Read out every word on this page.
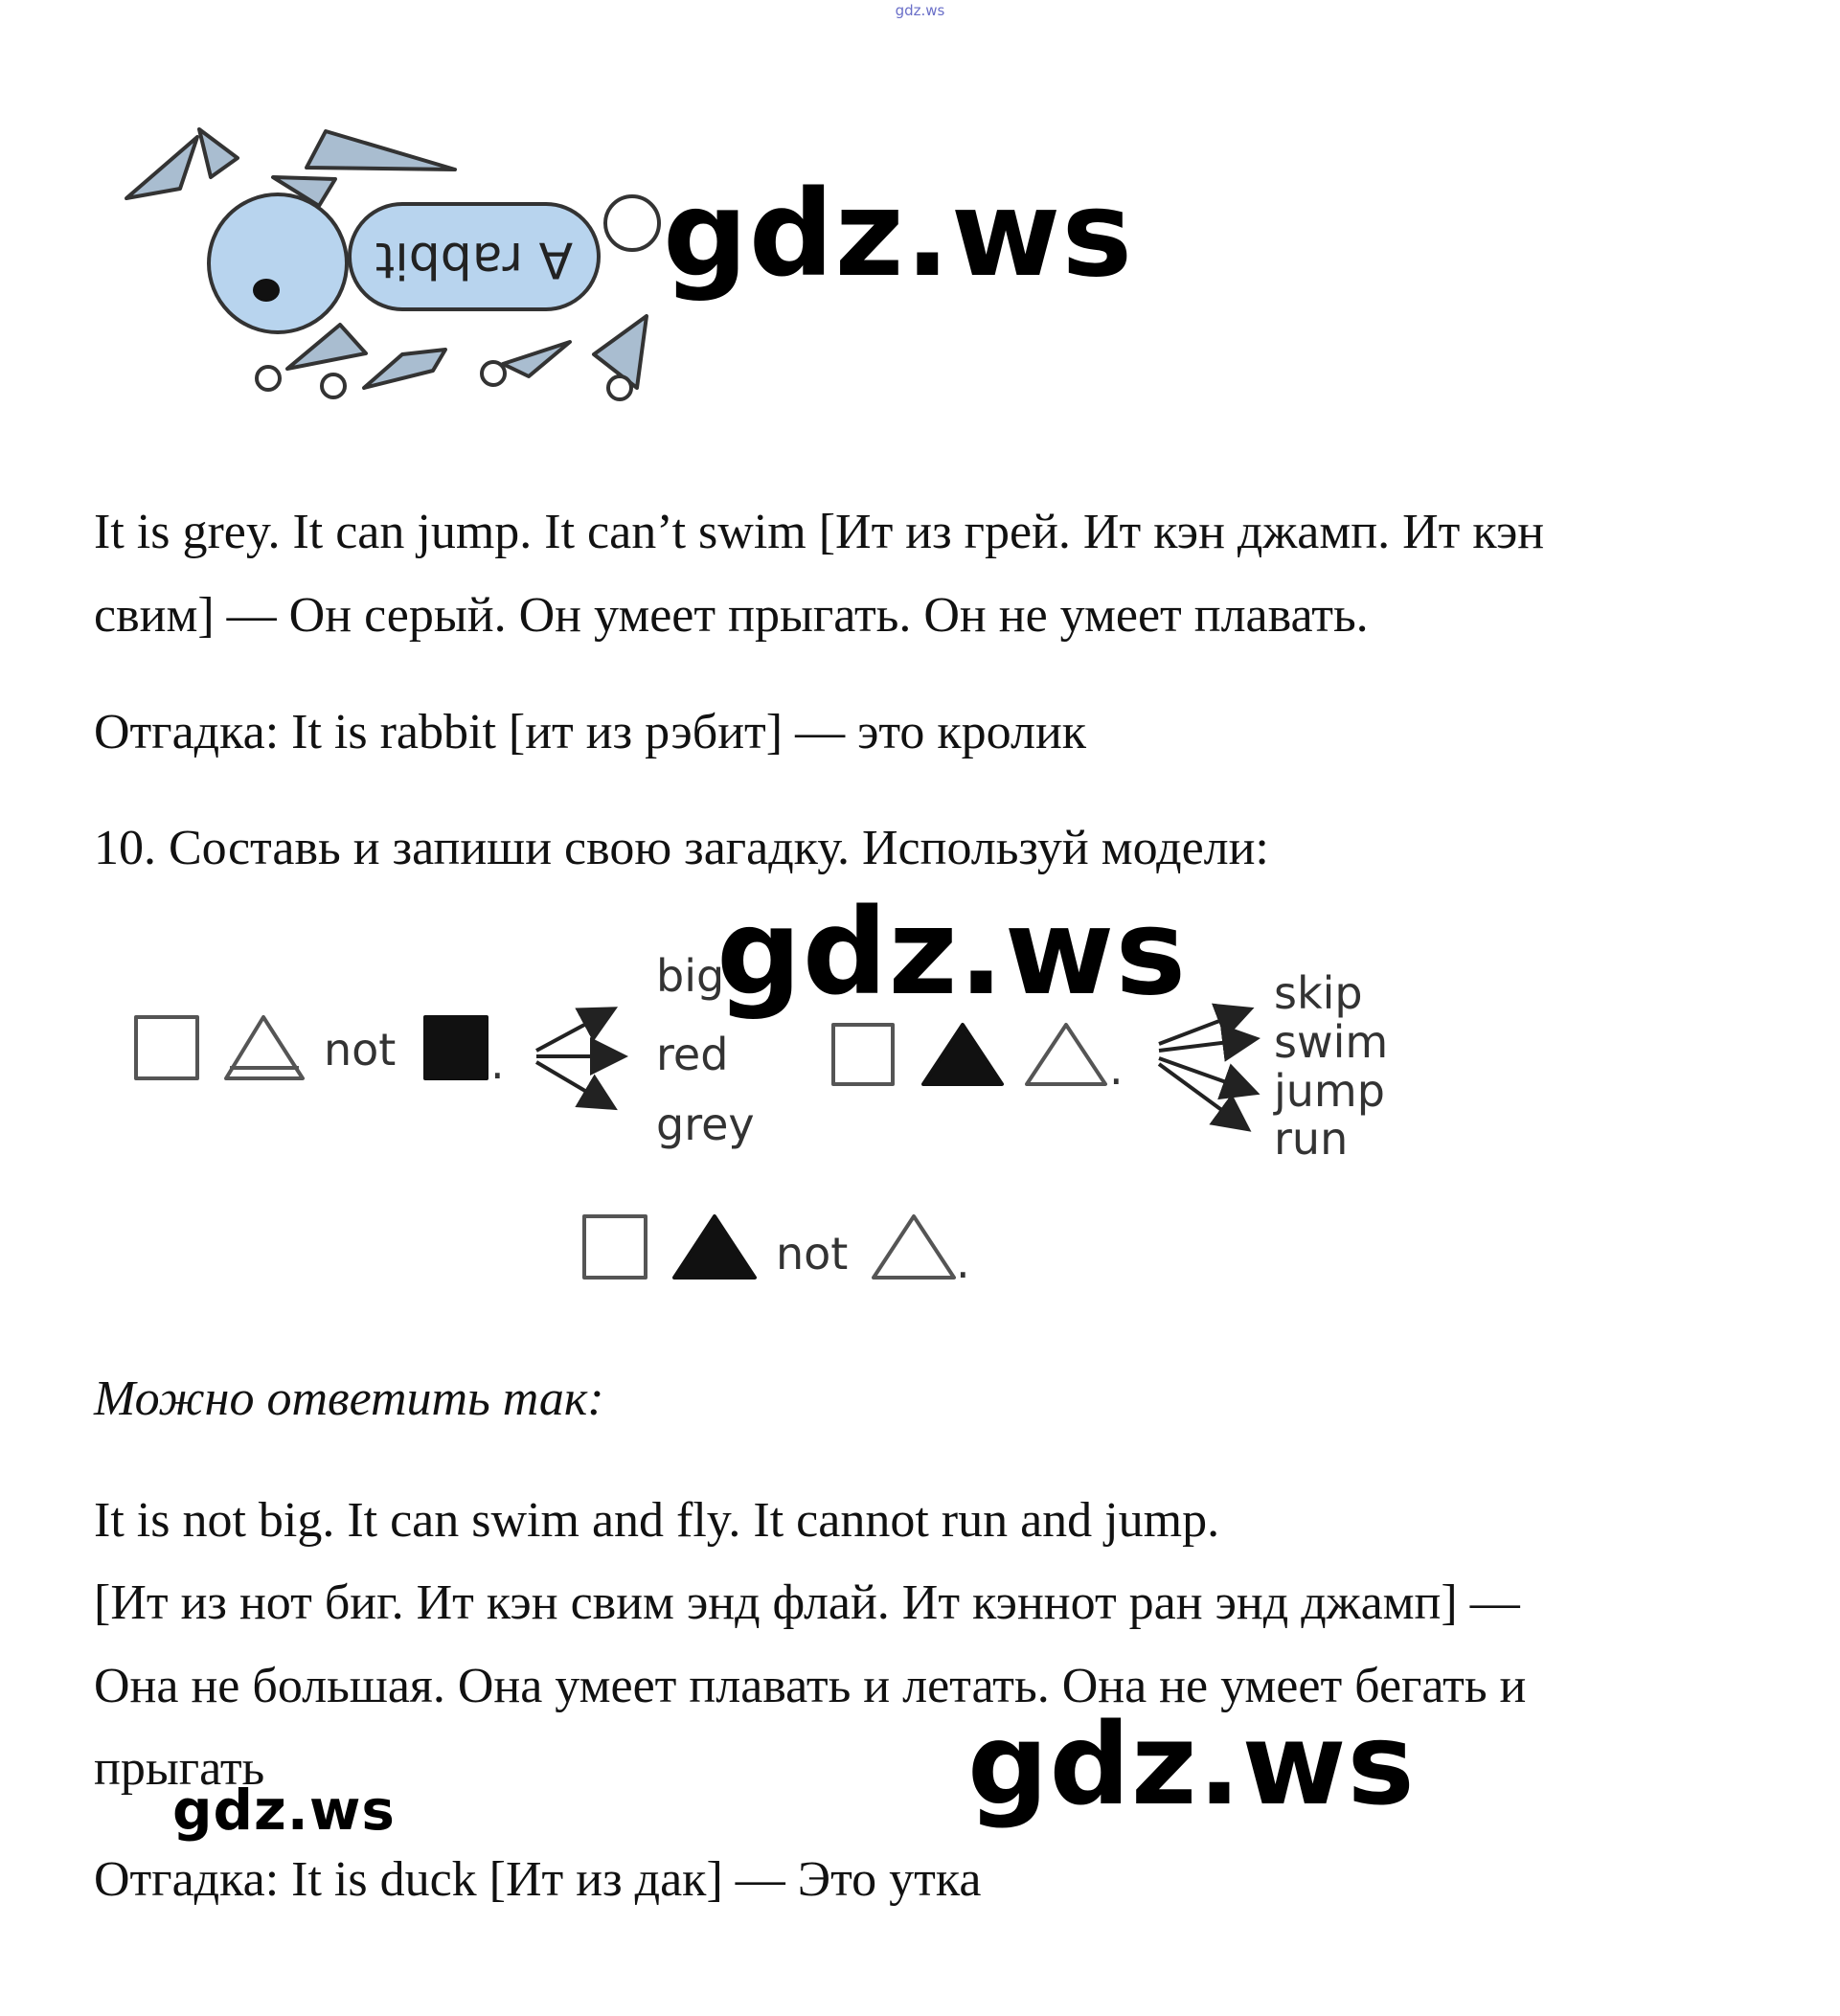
gdz.ws
A rabbit gdz.ws
It is grey. It can jump. It can’t swim [Ит из грей. Ит кэн джамп. Ит кэн
свим] — Он серый. Он умеет прыгать. Он не умеет плавать.
Отгадка: It is rabbit [ит из рэбит] — это кролик
10. Составь и запиши свою загадку. Используй модели:
not .
big
red
grey
.
skip
swim
jump
run
not .
gdz.ws
Можно ответить так:
It is not big. It can swim and fly. It cannot run and jump.
[Ит из нот биг. Ит кэн свим энд флай. Ит кэннот ран энд джамп] —
Она не большая. Она умеет плавать и летать. Она не умеет бегать и
прыгать	gdz.ws
gdz.ws
Отгадка: It is duck [Ит из дак] — Это утка
